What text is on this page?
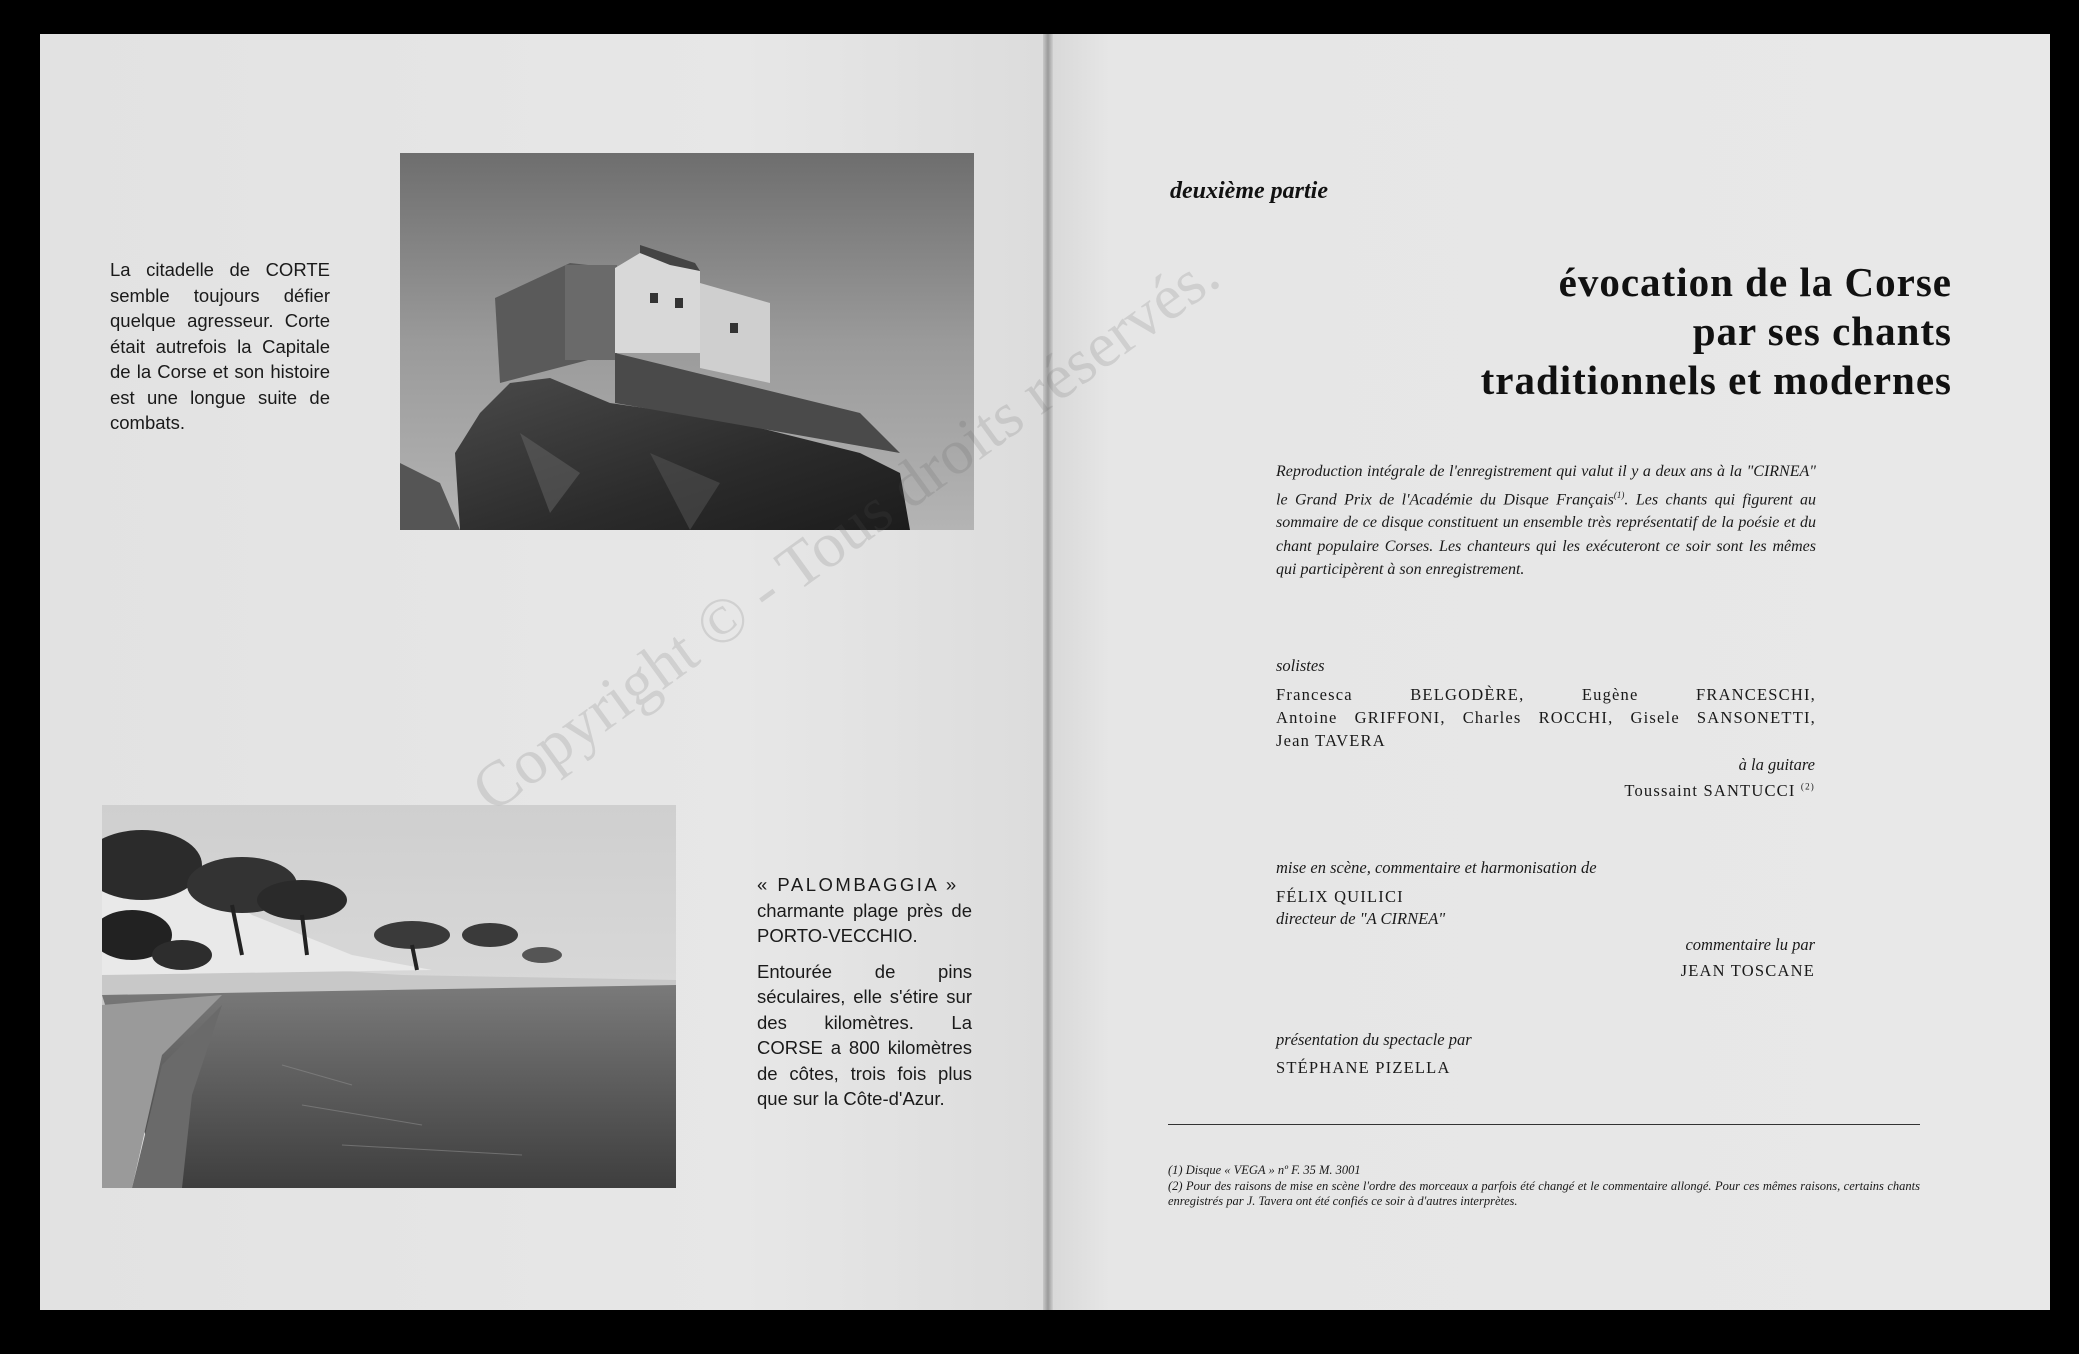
La citadelle de CORTE semble toujours défier quelque agresseur. Corte était autrefois la Capitale de la Corse et son histoire est une longue suite de combats.

« PALOMBAGGIA »

charmante plage près de PORTO-VECCHIO.

Entourée de pins séculaires, elle s'étire sur des kilomètres. La CORSE a 800 kilomètres de côtes, trois fois plus que sur la Côte-d'Azur.

deuxième partie
évocation de la Corse
par ses chants
traditionnels et modernes

Reproduction intégrale de l'enregistrement qui valut il y a deux ans à la "CIRNEA" le Grand Prix de l'Académie du Disque Français$^{(1)}$. Les chants qui figurent au sommaire de ce disque constituent un ensemble très représentatif de la poésie et du chant populaire Corses. Les chanteurs qui les exécuteront ce soir sont les mêmes qui participèrent à son enregistrement.

solistes
Francesca BELGODÈRE, Eugène FRANCESCHI,
Antoine GRIFFONI, Charles ROCCHI, Gisele SANSONETTI,
Jean TAVERA
à la guitare
Toussaint SANTUCCI $^{(2)}$
mise en scène, commentaire et harmonisation de
FÉLIX QUILICI
directeur de "A CIRNEA"
commentaire lu par
JEAN TOSCANE
présentation du spectacle par
STÉPHANE PIZELLA

(1) Disque « VEGA » nº F. 35 M. 3001

(2) Pour des raisons de mise en scène l'ordre des morceaux a parfois été changé et le commentaire allongé. Pour ces mêmes raisons, certains chants enregistrés par J. Tavera ont été confiés ce soir à d'autres interprètes.
